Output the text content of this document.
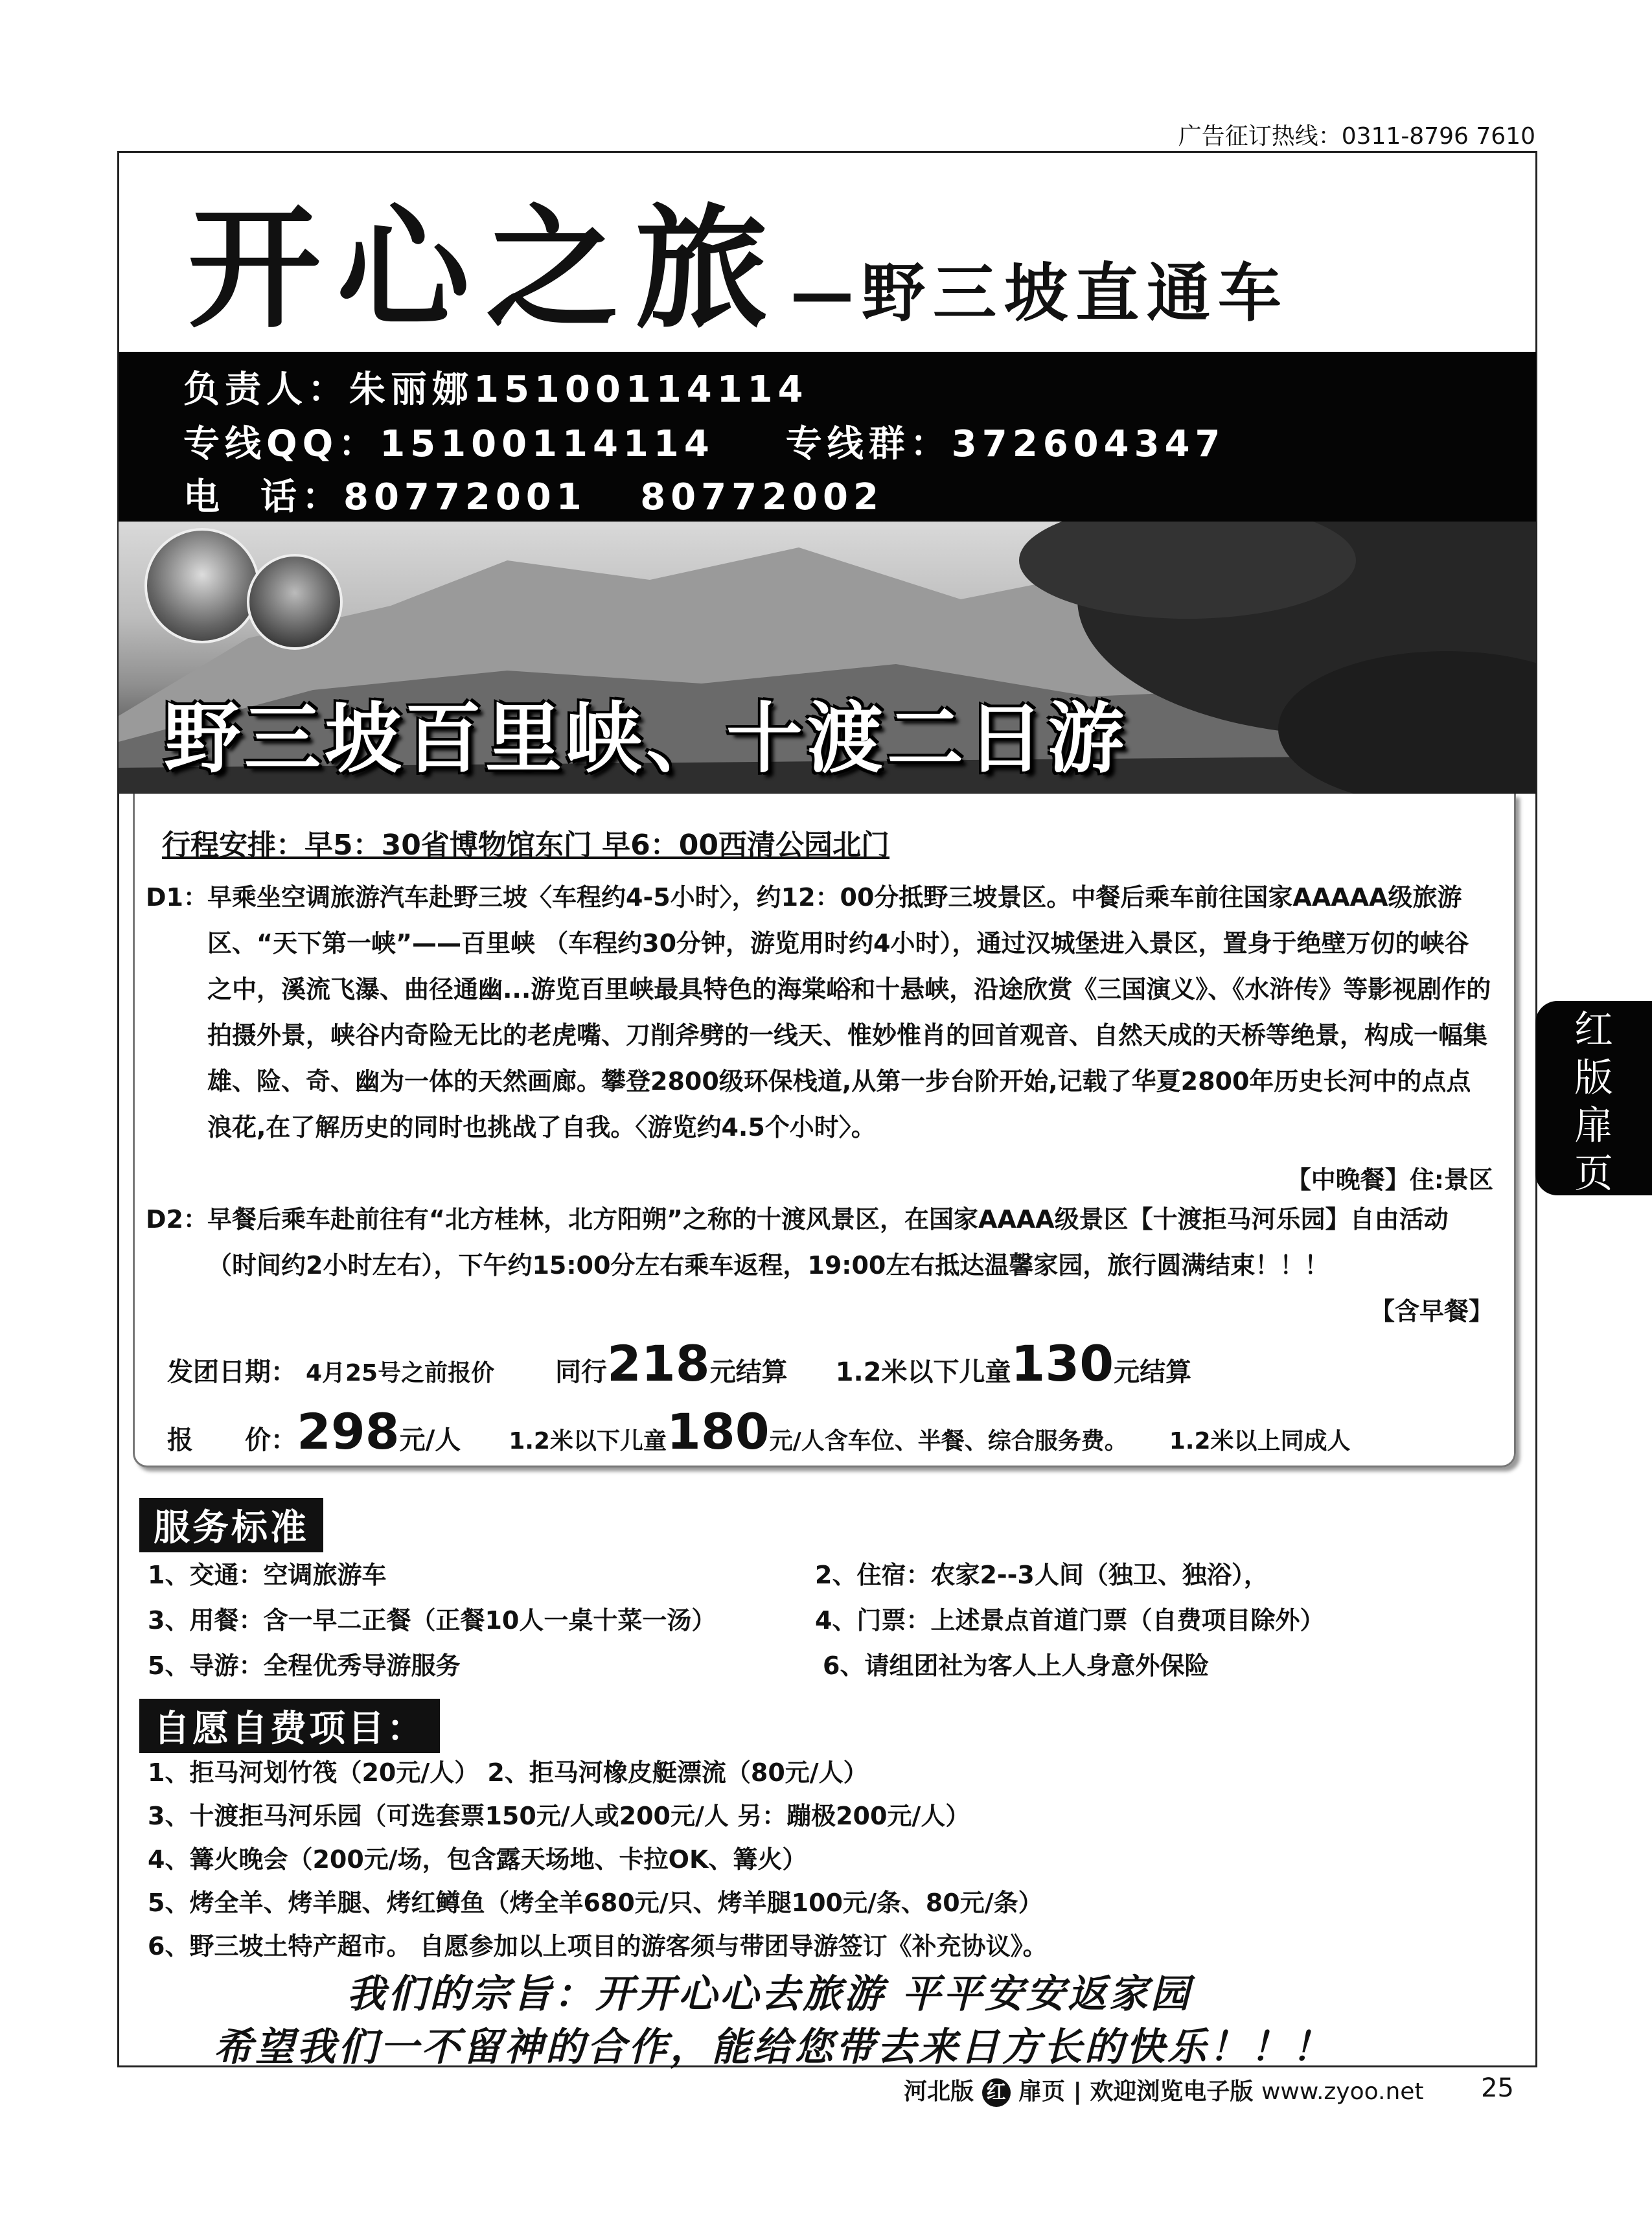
广告征订热线：0311-8796 7610
开心之旅 —野三坡直通车
负责人：朱丽娜15100114114
专线QQ：15100114114    专线群：372604347
电  话：80772001   80772002
野三坡百里峡、十渡二日游
行程安排：早5：30省博物馆东门 早6：00西清公园北门
D1： 早乘坐空调旅游汽车赴野三坡〈车程约4-5小时〉，约12：00分抵野三坡景区。中餐后乘车前往国家AAAAA级旅游区、“天下第一峡”——百里峡 （车程约30分钟，游览用时约4小时），通过汉城堡进入景区，置身于绝壁万仞的峡谷之中，溪流飞瀑、曲径通幽...游览百里峡最具特色的海棠峪和十悬峡，沿途欣赏《三国演义》、《水浒传》等影视剧作的拍摄外景，峡谷内奇险无比的老虎嘴、刀削斧劈的一线天、惟妙惟肖的回首观音、自然天成的天桥等绝景，构成一幅集雄、险、奇、幽为一体的天然画廊。攀登2800级环保栈道,从第一步台阶开始,记载了华夏2800年历史长河中的点点浪花,在了解历史的同时也挑战了自我。〈游览约4.5个小时〉。
【中晚餐】住:景区
D2： 早餐后乘车赴前往有“北方桂林，北方阳朔”之称的十渡风景区，在国家AAAA级景区【十渡拒马河乐园】自由活动（时间约2小时左右），下午约15:00分左右乘车返程，19:00左右抵达温馨家园，旅行圆满结束！！！
【含早餐】
发团日期： 4月25号之前报价 同行218元结算 1.2米以下儿童130元结算
报　　价：298元/人 1.2米以下儿童180元/人含车位、半餐、综合服务费。 1.2米以上同成人
服务标准
1、交通：空调旅游车	2、住宿：农家2--3人间（独卫、独浴），
3、用餐：含一早二正餐（正餐10人一桌十菜一汤）	4、门票：上述景点首道门票（自费项目除外）
5、导游：全程优秀导游服务	6、请组团社为客人上人身意外保险
自愿自费项目：
1、拒马河划竹筏（20元/人） 2、拒马河橡皮艇漂流（80元/人）
3、十渡拒马河乐园（可选套票150元/人或200元/人 另：蹦极200元/人）
4、篝火晚会（200元/场，包含露天场地、卡拉OK、篝火）
5、烤全羊、烤羊腿、烤红鳟鱼（烤全羊680元/只、烤羊腿100元/条、80元/条）
6、野三坡土特产超市。 自愿参加以上项目的游客须与带团导游签订《补充协议》。
我们的宗旨：开开心心去旅游 平平安安返家园
希望我们一不留神的合作，能给您带去来日方长的快乐！！！
红
版
扉
页
河北版 红 扉页 | 欢迎浏览电子版 www.zyoo.net 25
